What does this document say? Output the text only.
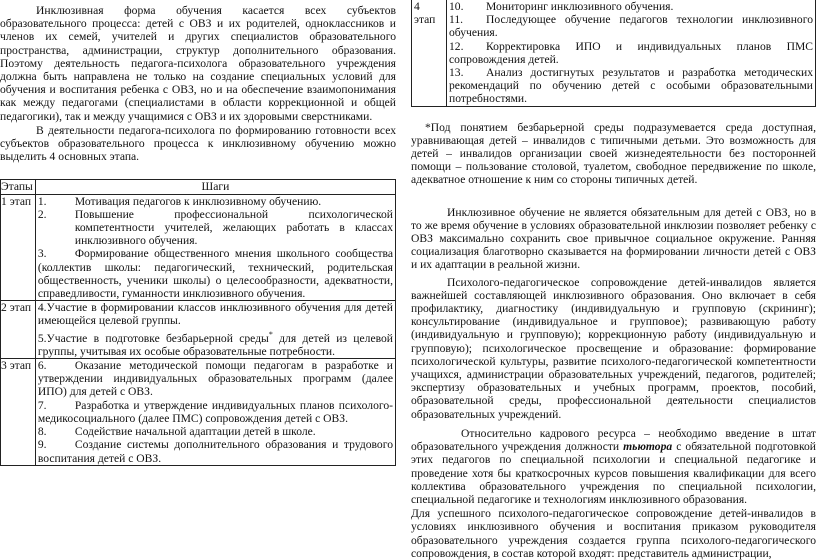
Инклюзивная форма обучения касается всех субъектов образовательного процесса: детей с ОВЗ и их родителей, одноклассников и членов их семей, учителей и других специалистов образовательного пространства, администрации, структур дополнительного образования. Поэтому деятельность педагога-психолога образовательного учреждения должна быть направлена не только на создание специальных условий для обучения и воспитания ребенка с ОВЗ, но и на обеспечение взаимопонимания как между педагогами (специалистами в области коррекционной и общей педагогики), так и между учащимися с ОВЗ и их здоровыми сверстниками.

В деятельности педагога-психолога по формированию готовности всех субъектов образовательного процесса к инклюзивному обучению можно выделить 4 основных этапа.

Этапы	Шаги
1 этап	1. Мотивация педагогов к инклюзивному обучению.

2. Повышение профессиональной психологической

компетентности учителей, желающих работать в классах инклюзивного обучения.

3. Формирование общественного мнения школьного сообщества (коллектив школы: педагогический, технический, родительская общественность, ученики школы) о целесообразности, адекватности, справедливости, гуманности инклюзивного обучения.

2 этап	4.Участие в формировании классов инклюзивного обучения для детей имеющейся целевой группы.

5.Участие в подготовке безбарьерной среды* для детей из целевой группы, учитывая их особые образовательные потребности.

3 этап	6. Оказание методической помощи педагогам в разработке и утверждении индивидуальных образовательных программ (далее ИПО) для детей с ОВЗ.

7. Разработка и утверждение индивидуальных планов психолого-медикосоциального (далее ПМС) сопровождения детей с ОВЗ.

8. Содействие начальной адаптации детей в школе.

9. Создание системы дополнительного образования и трудового воспитания детей с ОВЗ.

4 этап	

10. Мониторинг инклюзивного обучения.

11. Последующее обучение педагогов технологии инклюзивного обучения.

12. Корректировка ИПО и индивидуальных планов ПМС сопровождения детей.

13. Анализ достигнутых результатов и разработка методических рекомендаций по обучению детей с особыми образовательными потребностями.

*Под понятием безбарьерной среды подразумевается среда доступная, уравнивающая детей – инвалидов с типичными детьми. Это возможность для детей – инвалидов организации своей жизнедеятельности без посторонней помощи – пользование столовой, туалетом, свободное передвижение по школе, адекватное отношение к ним со стороны типичных детей.

Инклюзивное обучение не является обязательным для детей с ОВЗ, но в то же время обучение в условиях образовательной инклюзии позволяет ребенку с ОВЗ максимально сохранить свое привычное социальное окружение. Ранняя социализация благотворно сказывается на формировании личности детей с ОВЗ и их адаптации в реальной жизни.

Психолого-педагогическое сопровождение детей-инвалидов является важнейшей составляющей инклюзивного образования. Оно включает в себя профилактику, диагностику (индивидуальную и групповую (скрининг); консультирование (индивидуальное и групповое); развивающую работу (индивидуальную и групповую); коррекционную работу (индивидуальную и групповую); психологическое просвещение и образование: формирование психологической культуры, развитие психолого-педагогической компетентности учащихся, администрации образовательных учреждений, педагогов, родителей; экспертизу образовательных и учебных программ, проектов, пособий, образовательной среды, профессиональной деятельности специалистов образовательных учреждений.

Относительно кадрового ресурса – необходимо введение в штат образовательного учреждения должности тьютора с обязательной подготовкой этих педагогов по специальной психологии и специальной педагогике и проведение хотя бы краткосрочных курсов повышения квалификации для всего коллектива образовательного учреждения по специальной психологии, специальной педагогике и технологиям инклюзивного образования.

Для успешного психолого-педагогическое сопровождение детей-инвалидов в условиях инклюзивного обучения и воспитания приказом руководителя образовательного учреждения создается группа психолого-педагогического сопровождения, в состав которой входят: представитель администрации,
